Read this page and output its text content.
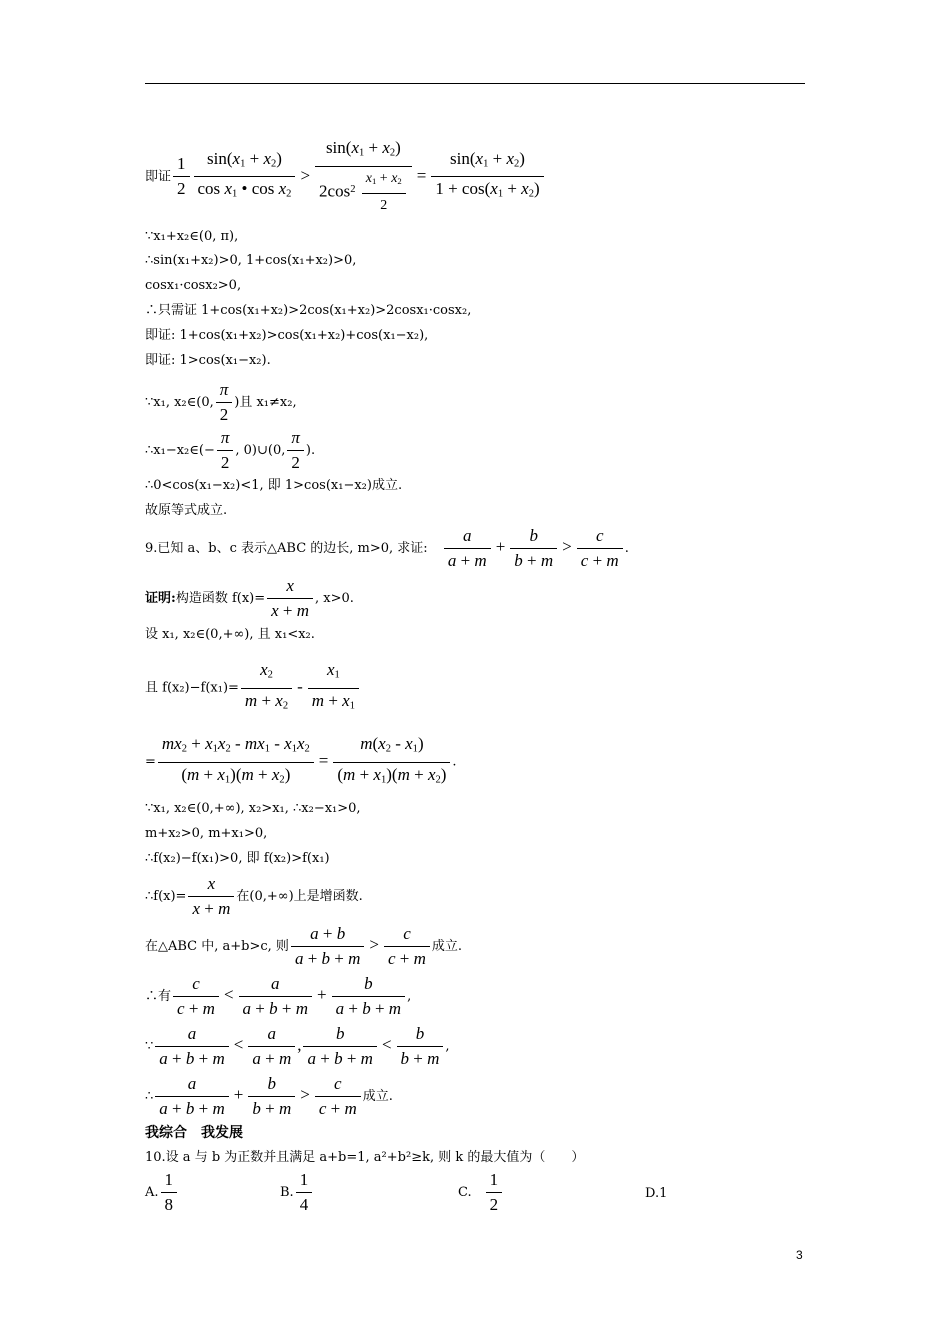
即证 $\frac{1}{2} \frac{\sin(x_1 + x_2)}{\cos x_1 • \cos x_2} > \frac{\sin(x_1 + x_2)}{2\cos^2 \frac{x_1 + x_2}{2}} = \frac{\sin(x_1 + x_2)}{1 + \cos(x_1 + x_2)}$
∵x₁+x₂∈(0, π),
∴sin(x₁+x₂)>0, 1+cos(x₁+x₂)>0,
cosx₁·cosx₂>0,
∴只需证 1+cos(x₁+x₂)>2cos(x₁+x₂)>2cosx₁·cosx₂,
即证: 1+cos(x₁+x₂)>cos(x₁+x₂)+cos(x₁−x₂),
即证: 1>cos(x₁−x₂).
∵x₁, x₂∈(0, $\frac{\pi}{2}$ )且 x₁≠x₂,
∴x₁−x₂∈(− $\frac{\pi}{2}$ , 0)∪(0, $\frac{\pi}{2}$ ).
∴0<cos(x₁−x₂)<1, 即 1>cos(x₁−x₂)成立.
故原等式成立.
9.已知 a、b、c 表示△ABC 的边长, m>0, 求证: $\frac{a}{a + m} + \frac{b}{b + m} > \frac{c}{c + m}$ .
证明:构造函数 $f(x)= \frac{x}{x + m}$ , x>0.
设 x₁, x₂∈(0,+∞), 且 x₁<x₂.
且 $f(x_2)-f(x_1)= \frac{x_2}{m + x_2} - \frac{x_1}{m + x_1}$
= $\frac{mx_2 + x_1x_2 - mx_1 - x_1x_2}{(m + x_1)(m + x_2)} = \frac{m(x_2 - x_1)}{(m + x_1)(m + x_2)}$ .
∵x₁, x₂∈(0,+∞), x₂>x₁, ∴x₂−x₁>0,
m+x₂>0, m+x₁>0,
∴f(x₂)−f(x₁)>0, 即 f(x₂)>f(x₁)
∴f(x)= $\frac{x}{x + m}$ 在(0,+∞)上是增函数.
在△ABC 中, a+b>c, 则 $\frac{a + b}{a + b + m} > \frac{c}{c + m}$ 成立.
∴有 $\frac{c}{c + m} < \frac{a}{a + b + m} + \frac{b}{a + b + m}$ ,
∵ $\frac{a}{a + b + m} < \frac{a}{a + m}$ , $\frac{b}{a + b + m} < \frac{b}{b + m}$ ,
∴ $\frac{a}{a + b + m} + \frac{b}{b + m} > \frac{c}{c + m}$ 成立.
我综合　我发展
10.设 a 与 b 为正数并且满足 a+b=1, a²+b²≥k, 则 k 的最大值为（　　）
A. $\frac{1}{8}$	B. $\frac{1}{4}$	C. $\frac{1}{2}$	D.1
3
